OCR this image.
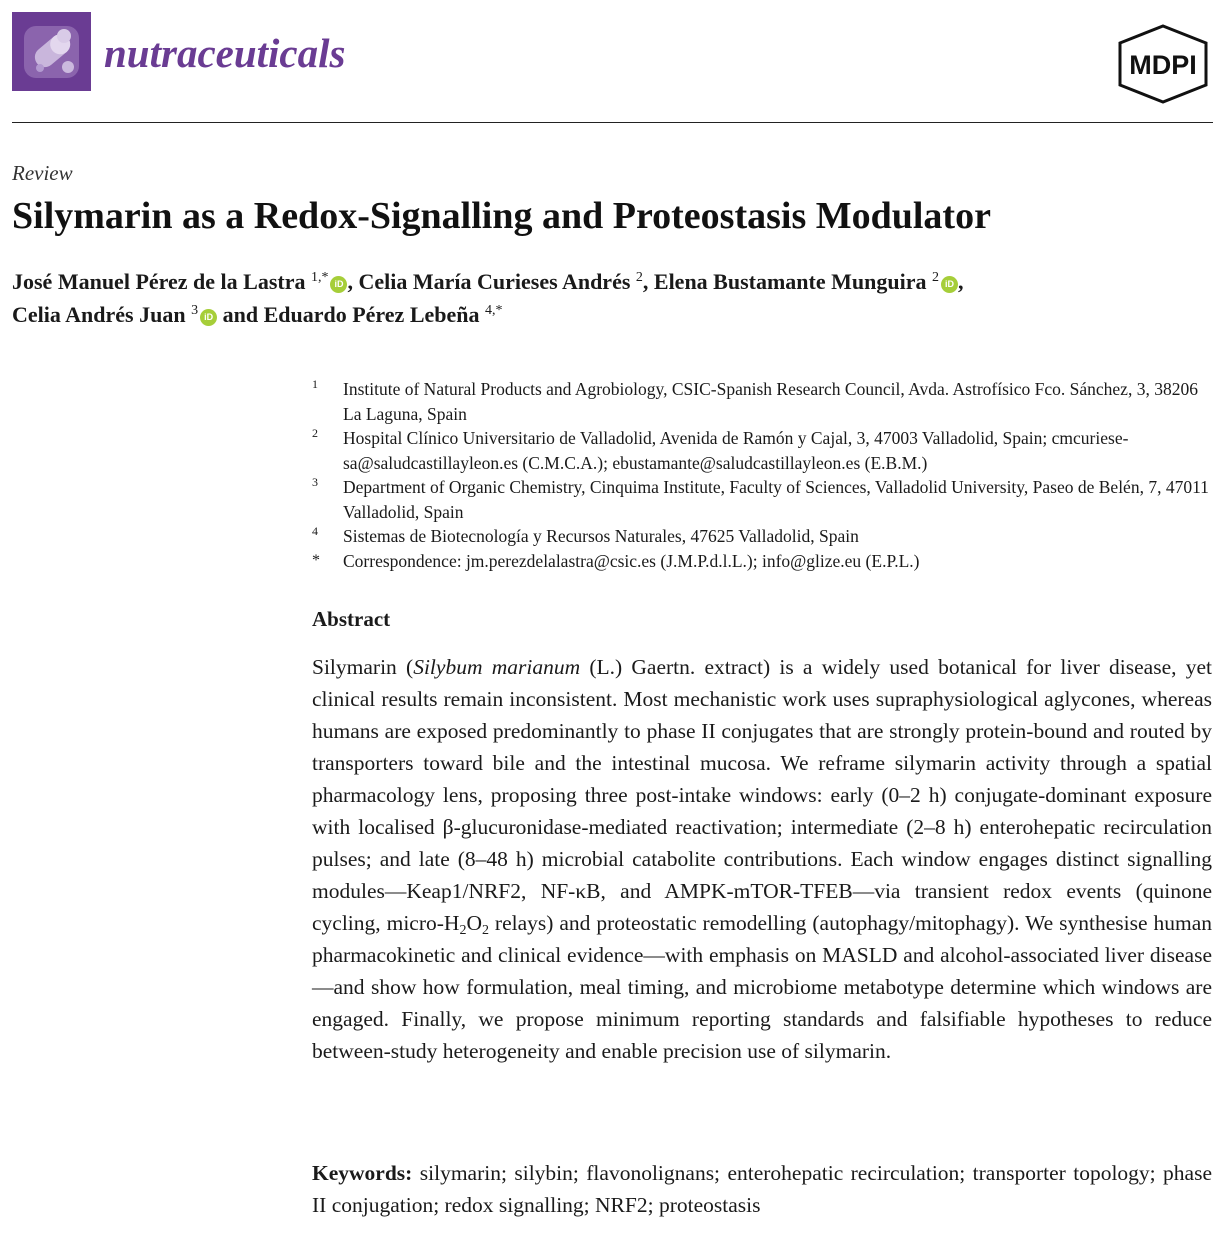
nutraceuticals	MDPI
Review
Silymarin as a Redox-Signalling and Proteostasis Modulator
José Manuel Pérez de la Lastra $^{1,*}$ iD , Celia María Curieses Andrés $^2$, Elena Bustamante Munguira $^2$ iD ,
Celia Andrés Juan $^3$ iD and Eduardo Pérez Lebeña $^{4,*}$
1 Institute of Natural Products and Agrobiology, CSIC-Spanish Research Council, Avda. Astrofísico Fco. Sánchez, 3, 38206 La Laguna, Spain
2 Hospital Clínico Universitario de Valladolid, Avenida de Ramón y Cajal, 3, 47003 Valladolid, Spain; cmcuriese-sa@saludcastillayleon.es (C.M.C.A.); ebustamante@saludcastillayleon.es (E.B.M.)
3 Department of Organic Chemistry, Cinquima Institute, Faculty of Sciences, Valladolid University, Paseo de Belén, 7, 47011 Valladolid, Spain
4 Sistemas de Biotecnología y Recursos Naturales, 47625 Valladolid, Spain
* Correspondence: jm.perezdelalastra@csic.es (J.M.P.d.l.L.); info@glize.eu (E.P.L.)
Abstract

Silymarin (Silybum marianum (L.) Gaertn. extract) is a widely used botanical for liver disease, yet clinical results remain inconsistent. Most mechanistic work uses supraphysiological aglycones, whereas humans are exposed predominantly to phase II conjugates that are strongly protein-bound and routed by transporters toward bile and the intestinal mucosa. We reframe silymarin activity through a spatial pharmacology lens, proposing three post-intake windows: early (0–2 h) conjugate-dominant exposure with localised β-glucuronidase-mediated reactivation; intermediate (2–8 h) enterohepatic recirculation pulses; and late (8–48 h) microbial catabolite contributions. Each window engages distinct signalling modules—Keap1/NRF2, NF-κB, and AMPK-mTOR-TFEB—via transient redox events (quinone cycling, micro-$H_2O_2$ relays) and proteostatic remodelling (autophagy/mitophagy). We synthesise human pharmacokinetic and clinical evidence—with emphasis on MASLD and alcohol-associated liver disease—and show how formulation, meal timing, and microbiome metabotype determine which windows are engaged. Finally, we propose minimum reporting standards and falsifiable hypotheses to reduce between-study heterogeneity and enable precision use of silymarin.

Keywords: silymarin; silybin; flavonolignans; enterohepatic recirculation; transporter topology; phase II conjugation; redox signalling; NRF2; proteostasis
